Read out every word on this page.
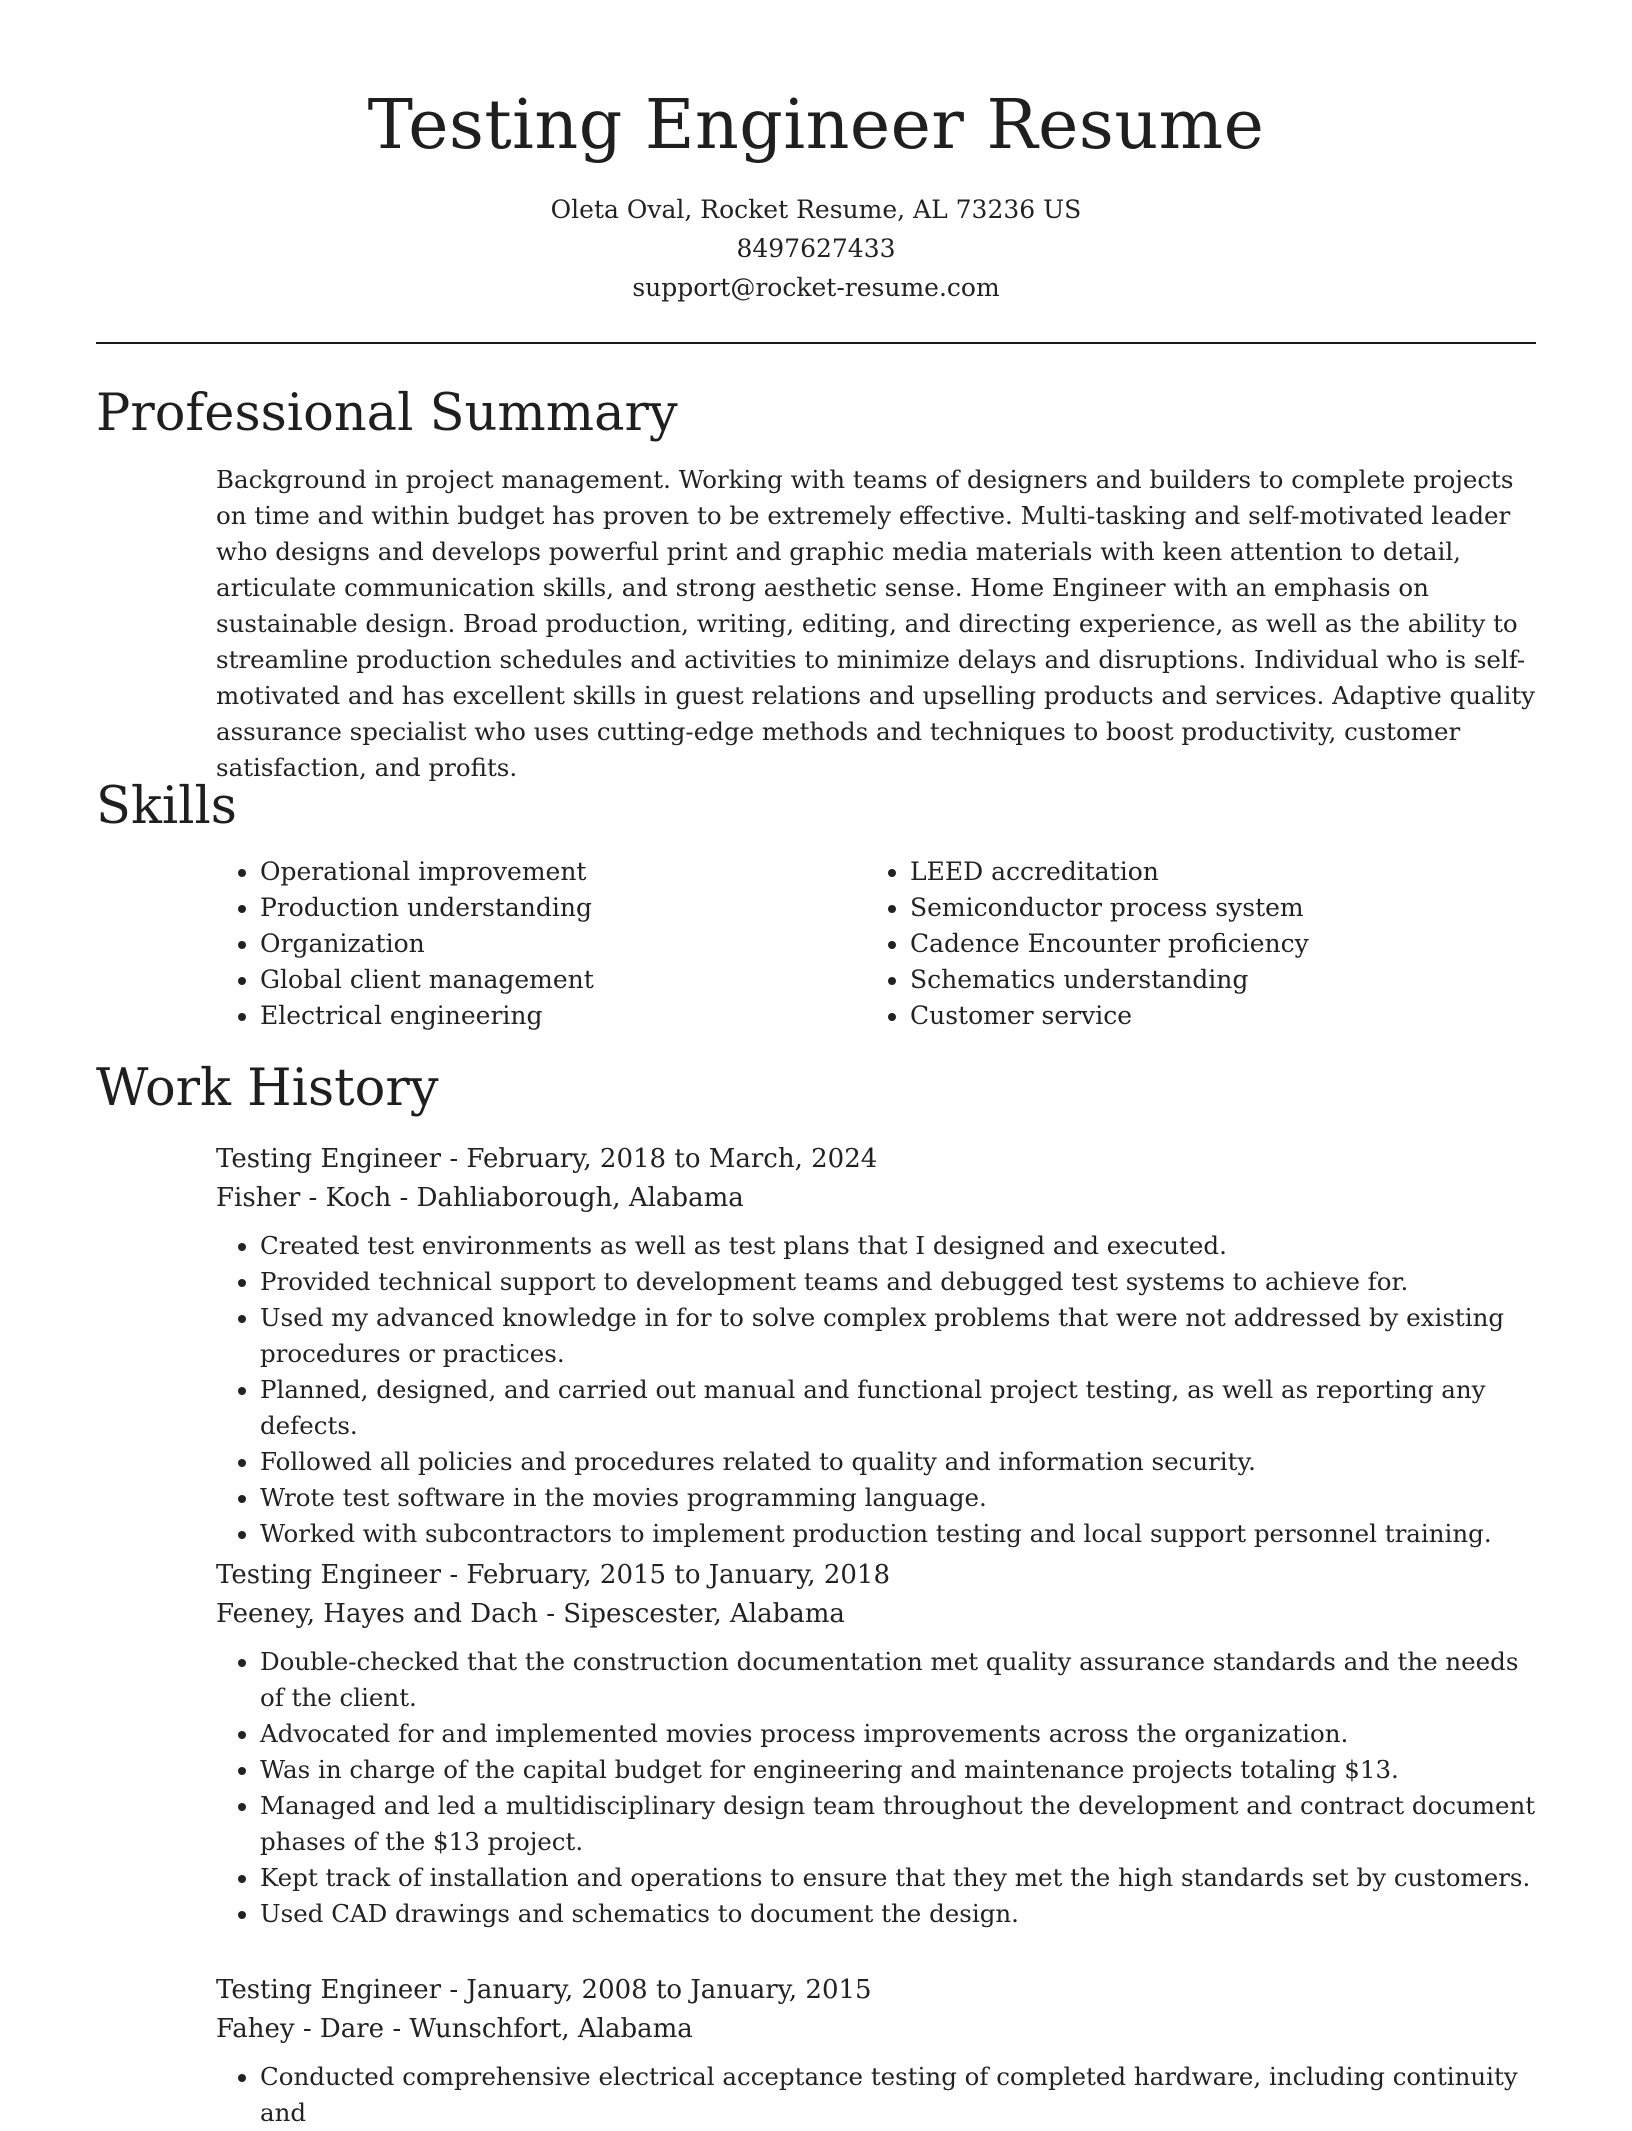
Testing Engineer Resume
Oleta Oval, Rocket Resume, AL 73236 US
8497627433
support@rocket-resume.com
Professional Summary

Background in project management. Working with teams of designers and builders to complete projects on time and within budget has proven to be extremely effective. Multi-tasking and self-motivated leader who designs and develops powerful print and graphic media materials with keen attention to detail, articulate communication skills, and strong aesthetic sense. Home Engineer with an emphasis on sustainable design. Broad production, writing, editing, and directing experience, as well as the ability to streamline production schedules and activities to minimize delays and disruptions. Individual who is self-motivated and has excellent skills in guest relations and upselling products and services. Adaptive quality assurance specialist who uses cutting-edge methods and techniques to boost productivity, customer satisfaction, and profits.

Skills
• Operational improvement
• Production understanding
• Organization
• Global client management
• Electrical engineering
• LEED accreditation
• Semiconductor process system
• Cadence Encounter proficiency
• Schematics understanding
• Customer service
Work History
Testing Engineer - February, 2018 to March, 2024
Fisher - Koch - Dahliaborough, Alabama
• Created test environments as well as test plans that I designed and executed.
• Provided technical support to development teams and debugged test systems to achieve for.
• Used my advanced knowledge in for to solve complex problems that were not addressed by existing procedures or practices.
• Planned, designed, and carried out manual and functional project testing, as well as reporting any defects.
• Followed all policies and procedures related to quality and information security.
• Wrote test software in the movies programming language.
• Worked with subcontractors to implement production testing and local support personnel training.
Testing Engineer - February, 2015 to January, 2018
Feeney, Hayes and Dach - Sipescester, Alabama
• Double-checked that the construction documentation met quality assurance standards and the needs of the client.
• Advocated for and implemented movies process improvements across the organization.
• Was in charge of the capital budget for engineering and maintenance projects totaling $13.
• Managed and led a multidisciplinary design team throughout the development and contract document phases of the $13 project.
• Kept track of installation and operations to ensure that they met the high standards set by customers.
• Used CAD drawings and schematics to document the design.
Testing Engineer - January, 2008 to January, 2015
Fahey - Dare - Wunschfort, Alabama
• Conducted comprehensive electrical acceptance testing of completed hardware, including continuity and
